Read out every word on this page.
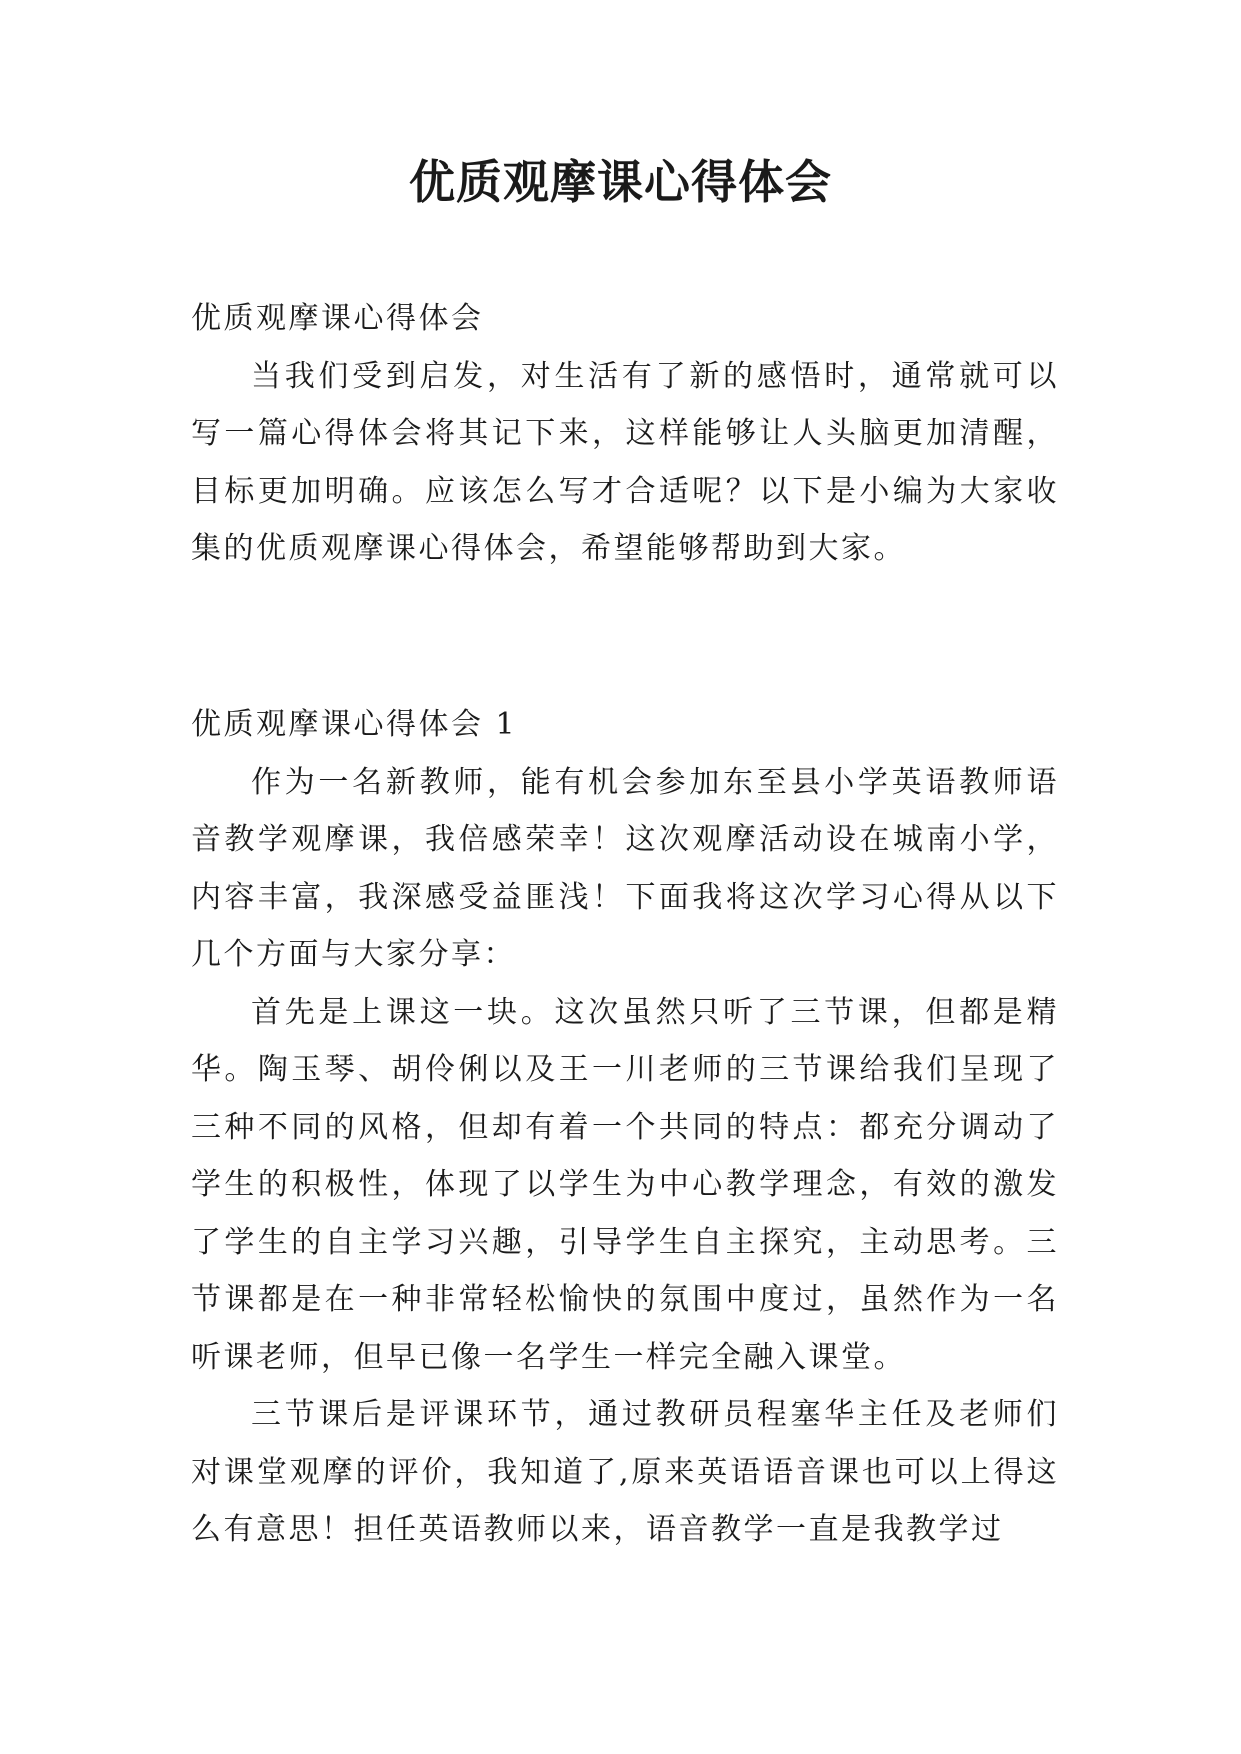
优质观摩课心得体会

优质观摩课心得体会

当我们受到启发，对生活有了新的感悟时，通常就可以写一篇心得体会将其记下来，这样能够让人头脑更加清醒，目标更加明确。应该怎么写才合适呢？以下是小编为大家收集的优质观摩课心得体会，希望能够帮助到大家。

优质观摩课心得体会 1

作为一名新教师，能有机会参加东至县小学英语教师语音教学观摩课，我倍感荣幸！这次观摩活动设在城南小学，内容丰富，我深感受益匪浅！下面我将这次学习心得从以下几个方面与大家分享：

首先是上课这一块。这次虽然只听了三节课，但都是精华。陶玉琴、胡伶俐以及王一川老师的三节课给我们呈现了三种不同的风格，但却有着一个共同的特点：都充分调动了学生的积极性，体现了以学生为中心教学理念，有效的激发了学生的自主学习兴趣，引导学生自主探究，主动思考。三节课都是在一种非常轻松愉快的氛围中度过，虽然作为一名听课老师，但早已像一名学生一样完全融入课堂。

三节课后是评课环节，通过教研员程塞华主任及老师们对课堂观摩的评价，我知道了,原来英语语音课也可以上得这么有意思！担任英语教师以来，语音教学一直是我教学过
